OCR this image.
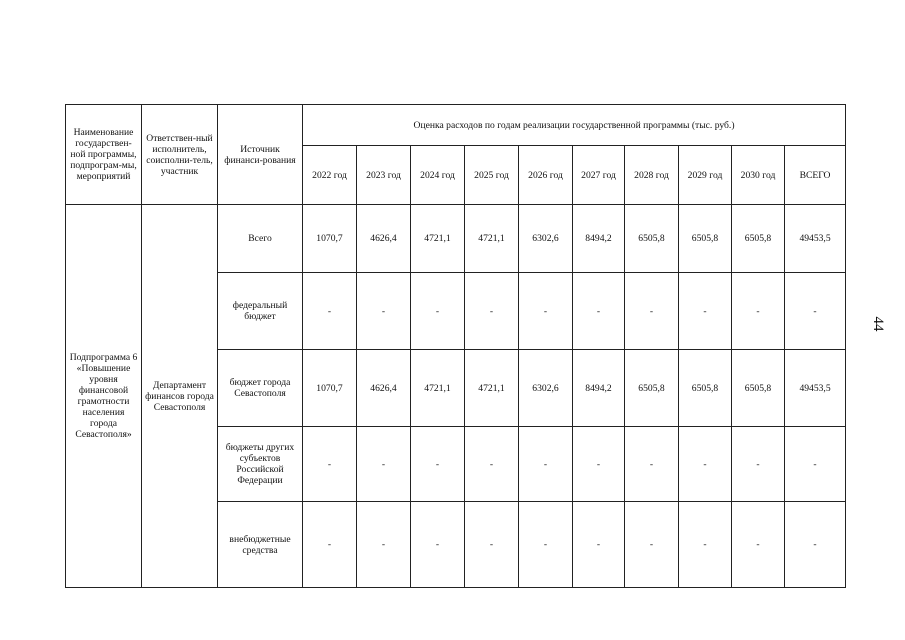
44
Наименование государствен-ной программы, подпрограм-мы, мероприятий	Ответствен-ный исполнитель, соисполни-тель, участник	Источник финанси-рования	Оценка расходов по годам реализации государственной программы (тыс. руб.)									
			2022 год	2023 год	2024 год	2025 год	2026 год	2027 год	2028 год	2029 год	2030 год	ВСЕГО
Подпрограмма 6 «Повышение уровня финансовой грамотности населения города Севастополя»	Департамент финансов города Севастополя	Всего	1070,7	4626,4	4721,1	4721,1	6302,6	8494,2	6505,8	6505,8	6505,8	49453,5
		федеральный бюджет	-	-	-	-	-	-	-	-	-	-
		бюджет города Севастополя	1070,7	4626,4	4721,1	4721,1	6302,6	8494,2	6505,8	6505,8	6505,8	49453,5
		бюджеты других субъектов Российской Федерации	-	-	-	-	-	-	-	-	-	-
		внебюджетные средства	-	-	-	-	-	-	-	-	-	-
